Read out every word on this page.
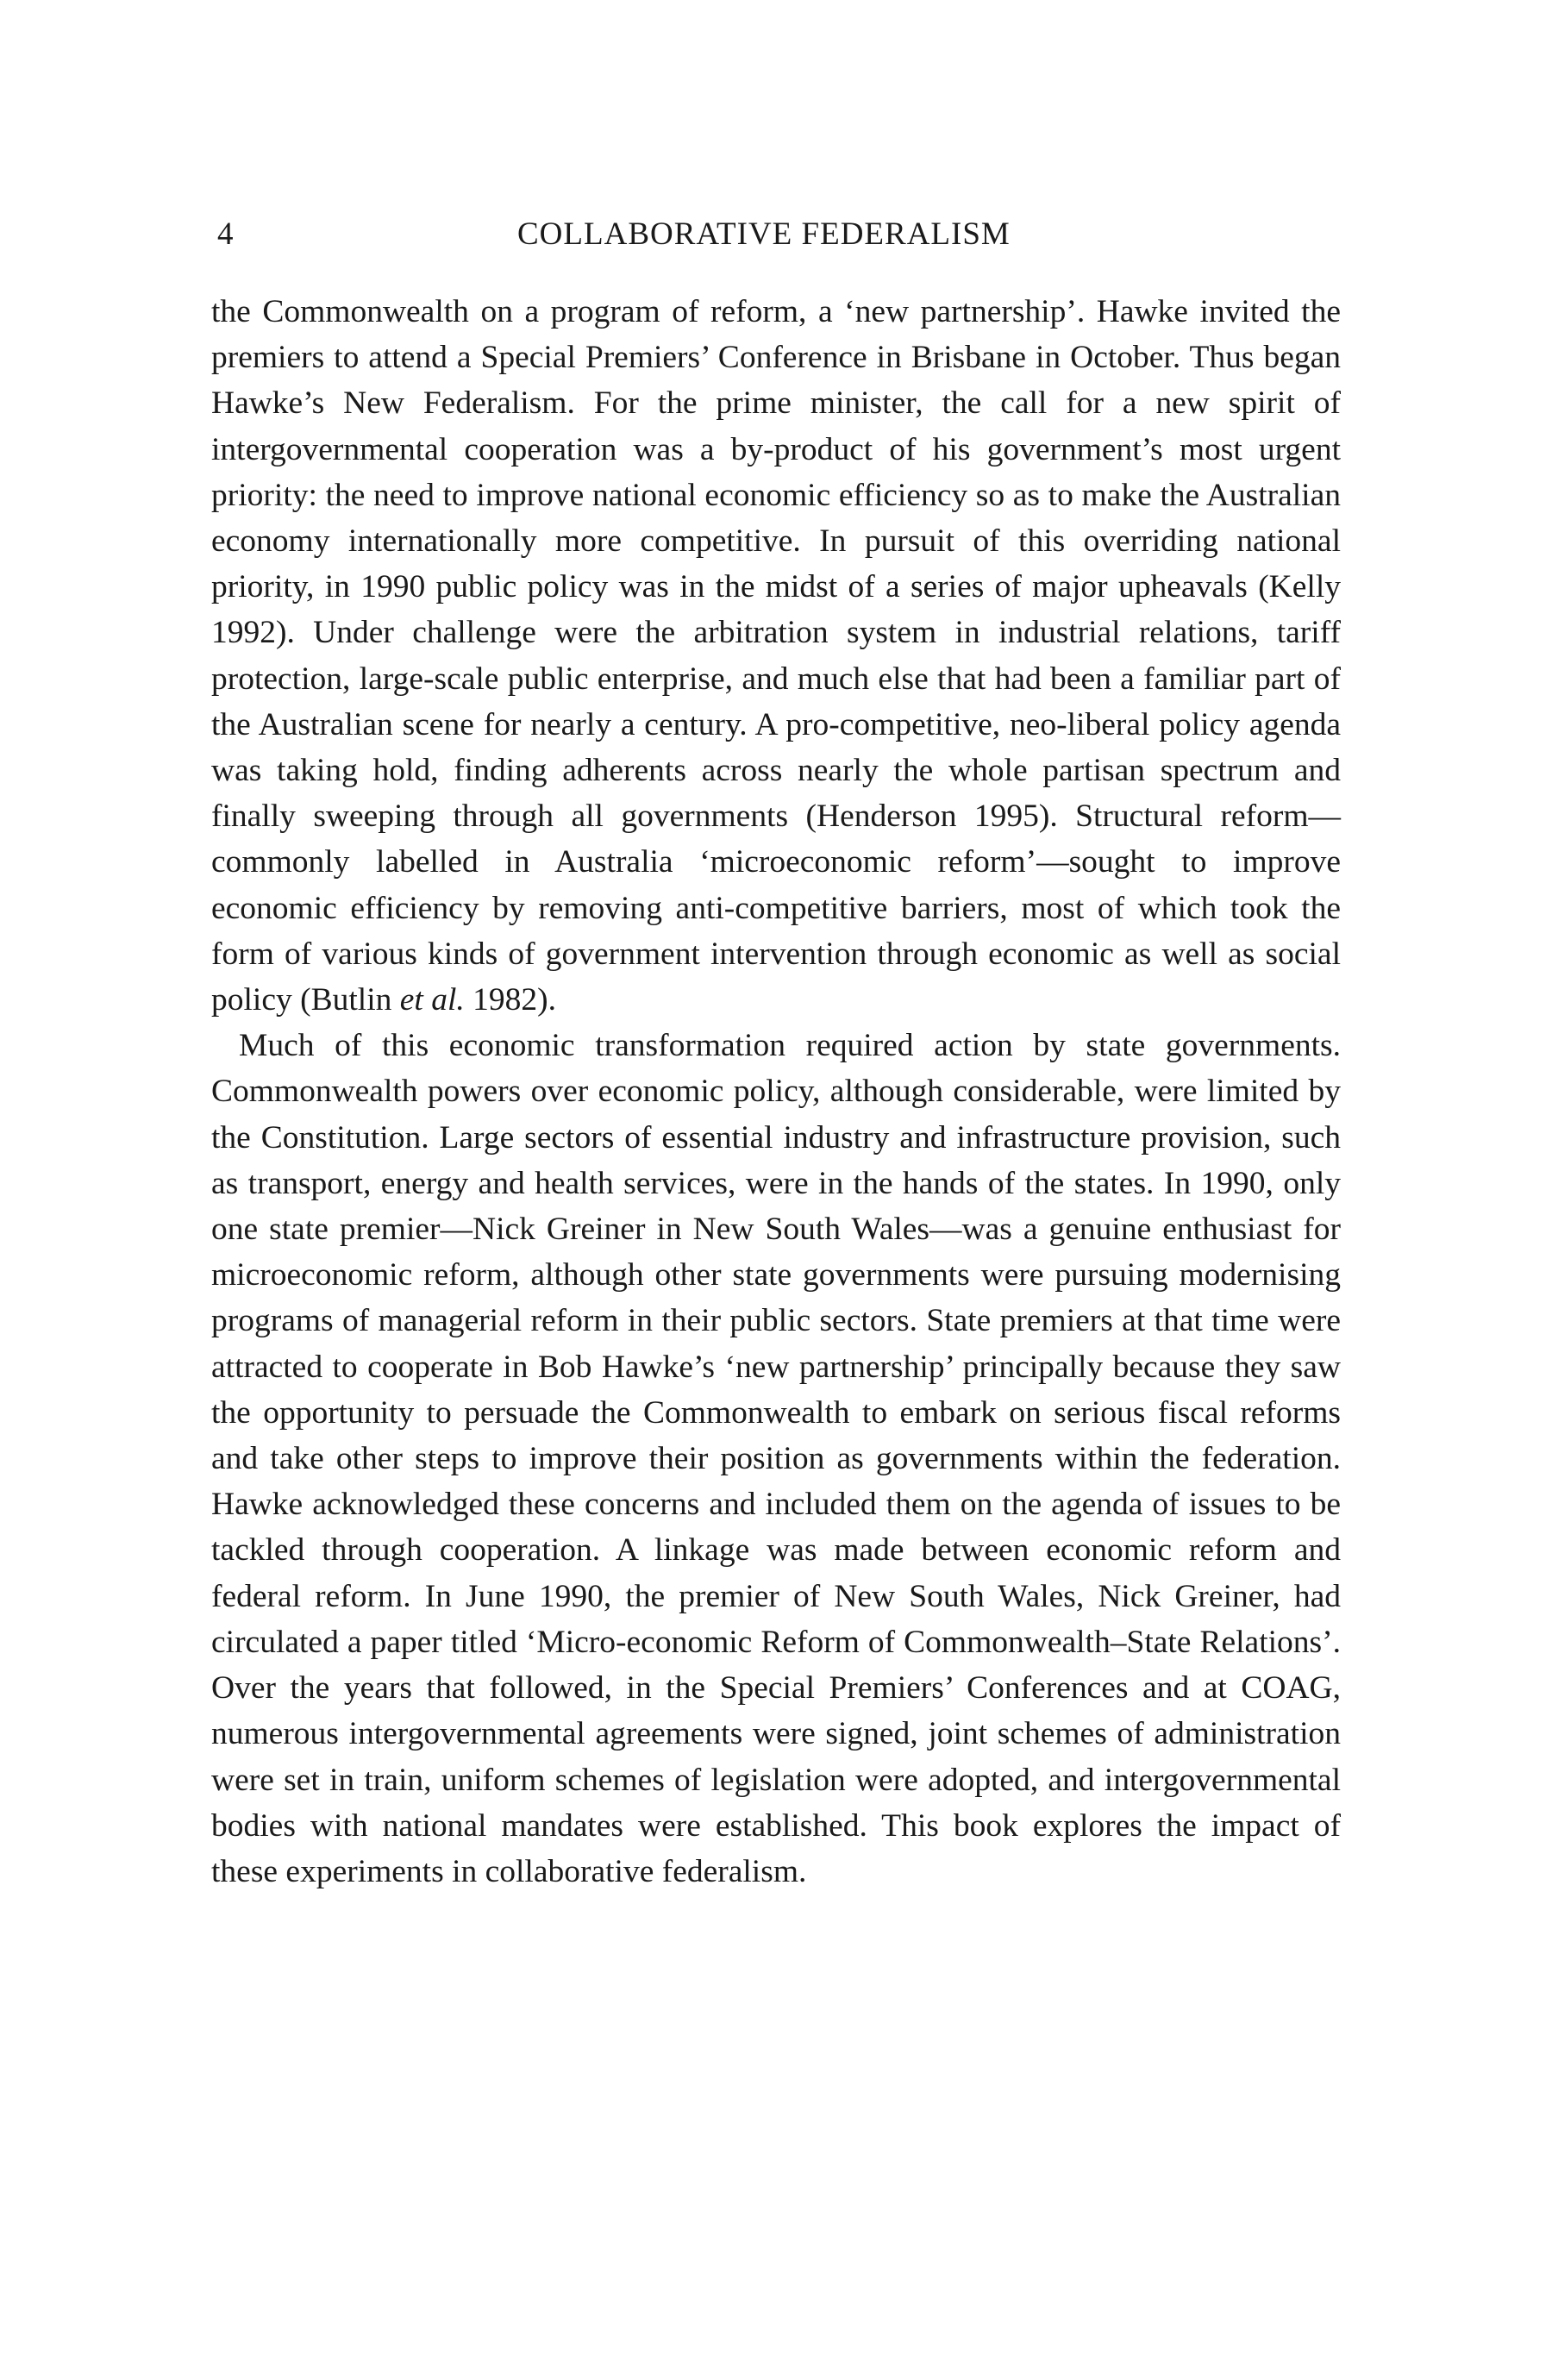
4	COLLABORATIVE FEDERALISM

the Commonwealth on a program of reform, a ‘new partnership’. Hawke invited the premiers to attend a Special Premiers’ Conference in Brisbane in October. Thus began Hawke’s New Federalism. For the prime minister, the call for a new spirit of intergovernmental cooperation was a by-product of his government’s most urgent priority: the need to improve national economic efficiency so as to make the Australian economy internationally more competitive. In pursuit of this overriding national priority, in 1990 public policy was in the midst of a series of major upheavals (Kelly 1992). Under challenge were the arbitration system in industrial relations, tariff protection, large-scale public enterprise, and much else that had been a familiar part of the Australian scene for nearly a century. A pro-competitive, neo-liberal policy agenda was taking hold, finding adherents across nearly the whole partisan spectrum and finally sweeping through all governments (Henderson 1995). Structural reform—commonly labelled in Australia ‘microeconomic reform’—sought to improve economic efficiency by removing anti-competitive barriers, most of which took the form of various kinds of government intervention through economic as well as social policy (Butlin et al. 1982).

Much of this economic transformation required action by state governments. Commonwealth powers over economic policy, although considerable, were limited by the Constitution. Large sectors of essential industry and infrastructure provision, such as transport, energy and health services, were in the hands of the states. In 1990, only one state premier—Nick Greiner in New South Wales—was a genuine enthusiast for microeconomic reform, although other state governments were pursuing modernising programs of managerial reform in their public sectors. State premiers at that time were attracted to cooperate in Bob Hawke’s ‘new partnership’ principally because they saw the opportunity to persuade the Commonwealth to embark on serious fiscal reforms and take other steps to improve their position as governments within the federation. Hawke acknowledged these concerns and included them on the agenda of issues to be tackled through cooperation. A linkage was made between economic reform and federal reform. In June 1990, the premier of New South Wales, Nick Greiner, had circulated a paper titled ‘Micro-economic Reform of Commonwealth–State Relations’. Over the years that followed, in the Special Premiers’ Conferences and at COAG, numerous intergovernmental agreements were signed, joint schemes of administration were set in train, uniform schemes of legislation were adopted, and intergovernmental bodies with national mandates were established. This book explores the impact of these experiments in collaborative federalism.
